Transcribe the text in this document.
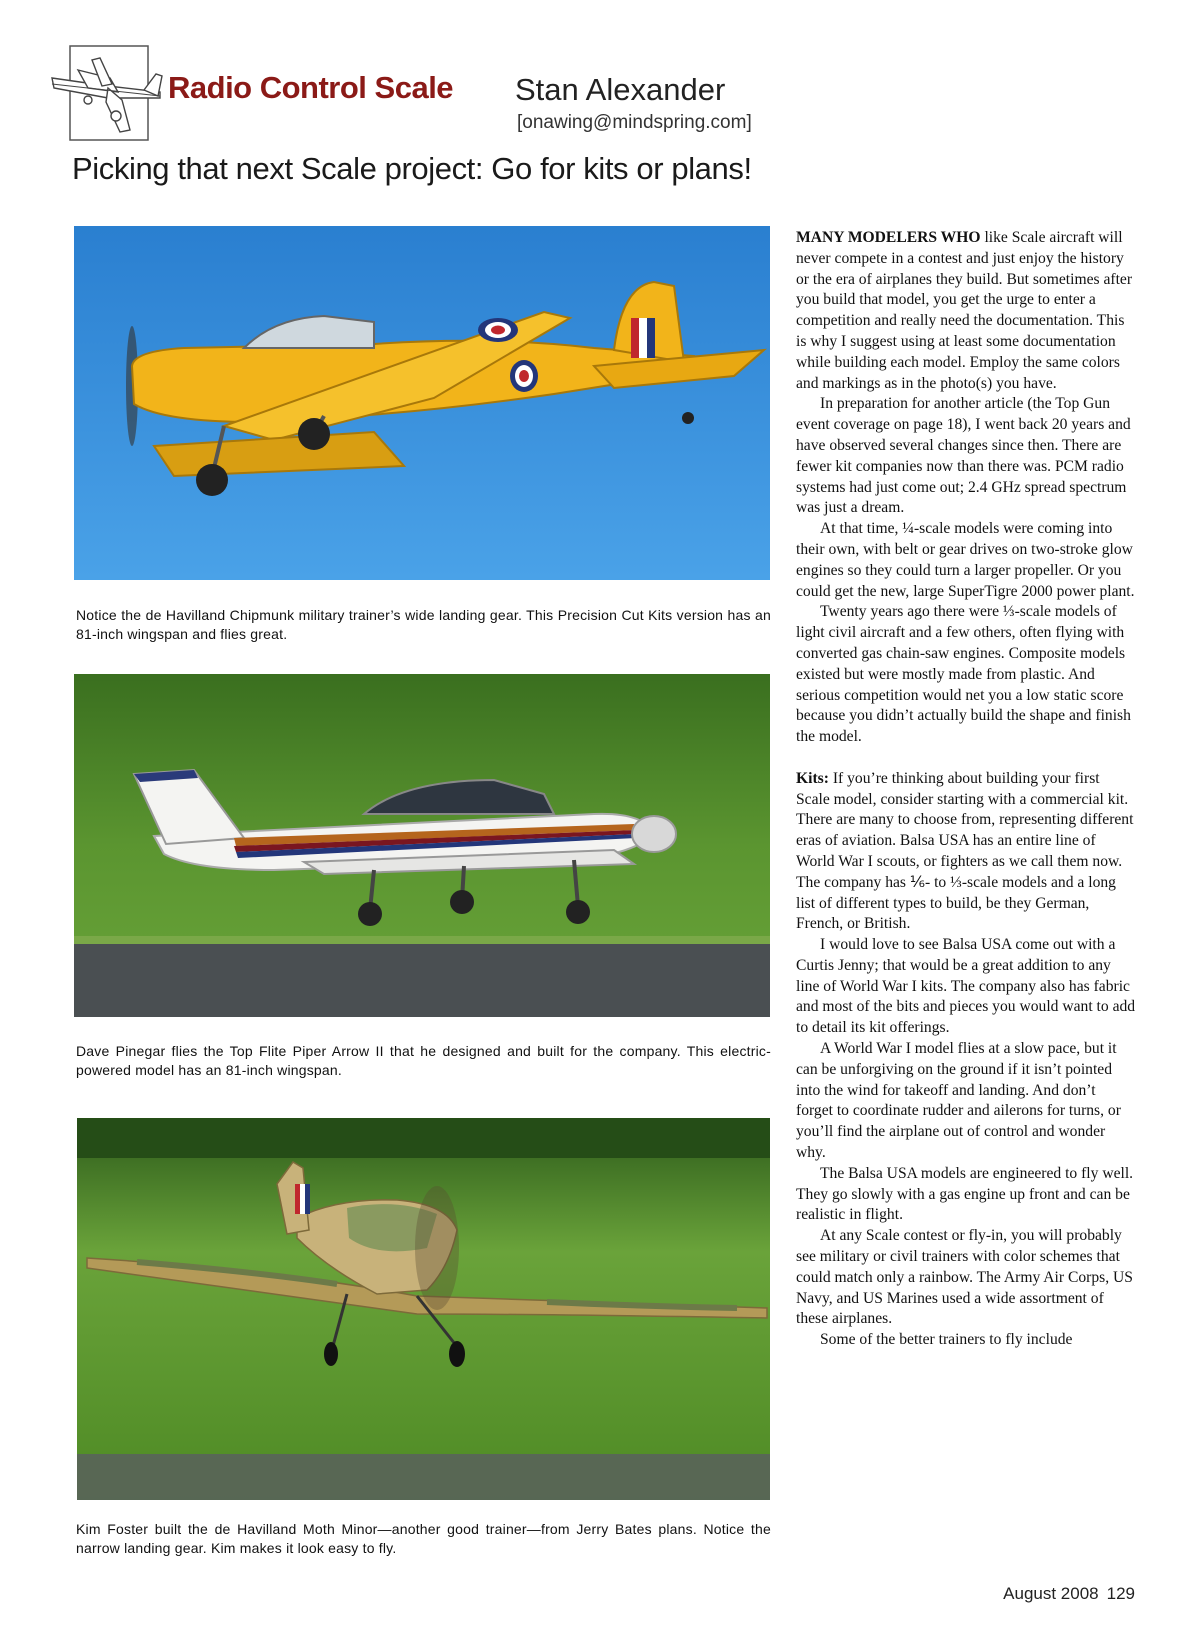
Radio Control Scale Stan Alexander
[onawing@mindspring.com]
Picking that next Scale project: Go for kits or plans!
Notice the de Havilland Chipmunk military trainer’s wide landing gear. This Precision Cut Kits version has an 81-inch wingspan and flies great.
Dave Pinegar flies the Top Flite Piper Arrow II that he designed and built for the company. This electric-powered model has an 81-inch wingspan.
Kim Foster built the de Havilland Moth Minor—another good trainer—from Jerry Bates plans. Notice the narrow landing gear. Kim makes it look easy to fly.

MANY MODELERS WHO like Scale aircraft will never compete in a contest and just enjoy the history or the era of airplanes they build. But sometimes after you build that model, you get the urge to enter a competition and really need the documentation. This is why I suggest using at least some documentation while building each model. Employ the same colors and markings as in the photo(s) you have.

In preparation for another article (the Top Gun event coverage on page 18), I went back 20 years and have observed several changes since then. There are fewer kit companies now than there was. PCM radio systems had just come out; 2.4 GHz spread spectrum was just a dream.

At that time, ¼-scale models were coming into their own, with belt or gear drives on two-stroke glow engines so they could turn a larger propeller. Or you could get the new, large SuperTigre 2000 power plant.

Twenty years ago there were ⅓-scale models of light civil aircraft and a few others, often flying with converted gas chain-saw engines. Composite models existed but were mostly made from plastic. And serious competition would net you a low static score because you didn’t actually build the shape and finish the model.

Kits: If you’re thinking about building your first Scale model, consider starting with a commercial kit. There are many to choose from, representing different eras of aviation. Balsa USA has an entire line of World War I scouts, or fighters as we call them now. The company has ⅙- to ⅓-scale models and a long list of different types to build, be they German, French, or British.

I would love to see Balsa USA come out with a Curtis Jenny; that would be a great addition to any line of World War I kits. The company also has fabric and most of the bits and pieces you would want to add to detail its kit offerings.

A World War I model flies at a slow pace, but it can be unforgiving on the ground if it isn’t pointed into the wind for takeoff and landing. And don’t forget to coordinate rudder and ailerons for turns, or you’ll find the airplane out of control and wonder why.

The Balsa USA models are engineered to fly well. They go slowly with a gas engine up front and can be realistic in flight.

At any Scale contest or fly-in, you will probably see military or civil trainers with color schemes that could match only a rainbow. The Army Air Corps, US Navy, and US Marines used a wide assortment of these airplanes.

Some of the better trainers to fly include

August 2008 129
